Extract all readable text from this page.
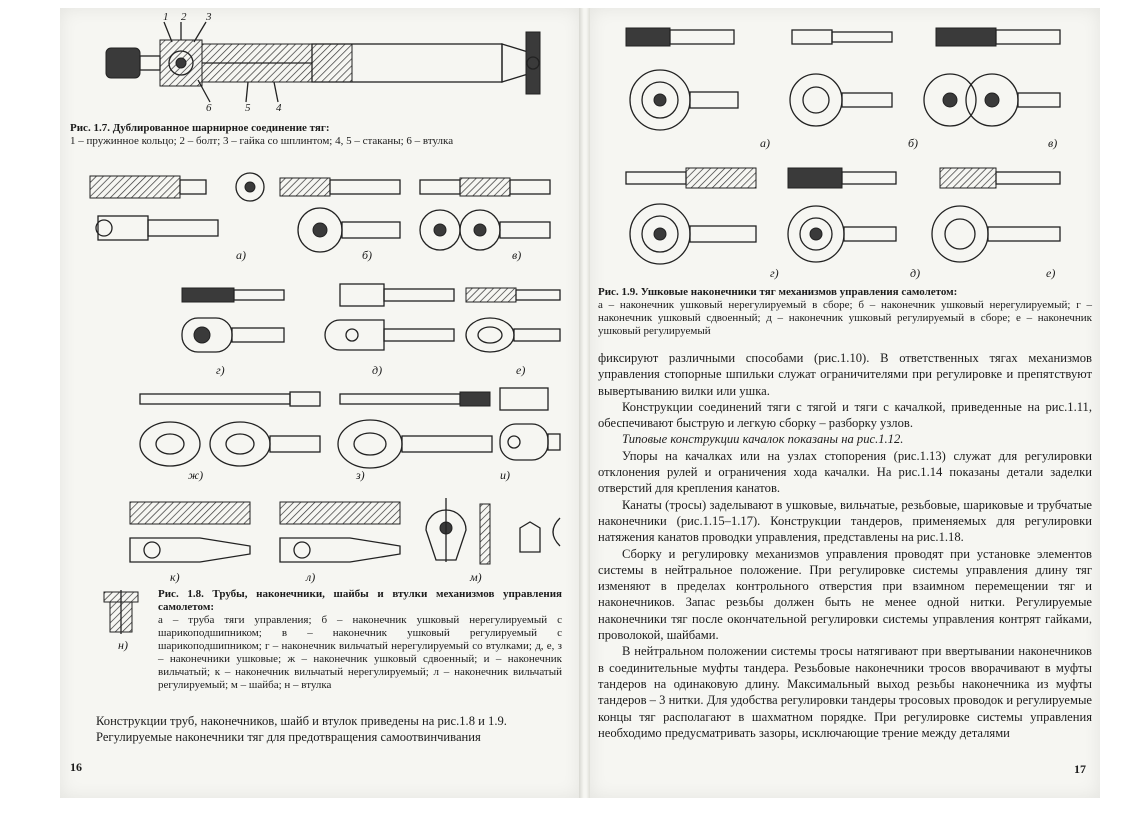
1 2 3
6	5 4
Рис. 1.7. Дублированное шарнирное соединение тяг:
1 – пружинное кольцо; 2 – болт; 3 – гайка со шплинтом; 4, 5 – стаканы; 6 – втулка
а)	б)	в)
г)	д)	е)
ж)	з)	и)
к)	л)	м)
н)
Рис. 1.8. Трубы, наконечники, шайбы и втулки механизмов управления самолетом:
а – труба тяги управления; б – наконечник ушковый нерегулируемый с шарикоподшипником; в – наконечник ушковый регулируемый с шарикоподшипником; г – наконечник вильчатый нерегулируемый со втулками; д, е, з – наконечники ушковые; ж – наконечник ушковый сдвоенный; и – наконечник вильчатый; к – наконечник вильчатый нерегулируемый; л – наконечник вильчатый регулируемый; м – шайба; н – втулка

Конструкции труб, наконечников, шайб и втулок приведены на рис.1.8 и 1.9.

Регулируемые наконечники тяг для предотвращения самоотвинчивания

16
а)	б)	в)
г)	д)	е)
Рис. 1.9. Ушковые наконечники тяг механизмов управления самолетом:
а – наконечник ушковый нерегулируемый в сборе; б – наконечник ушковый нерегулируемый; г – наконечник ушковый сдвоенный; д – наконечник ушковый регулируемый в сборе; е – наконечник ушковый регулируемый

фиксируют различными способами (рис.1.10). В ответственных тягах механизмов управления стопорные шпильки служат ограничителями при регулировке и препятствуют вывертыванию вилки или ушка.

Конструкции соединений тяги с тягой и тяги с качалкой, приведенные на рис.1.11, обеспечивают быструю и легкую сборку – разборку узлов.

Типовые конструкции качалок показаны на рис.1.12.

Упоры на качалках или на узлах стопорения (рис.1.13) служат для регулировки отклонения рулей и ограничения хода качалки. На рис.1.14 показаны детали заделки отверстий для крепления канатов.

Канаты (тросы) заделывают в ушковые, вильчатые, резьбовые, шариковые и трубчатые наконечники (рис.1.15–1.17). Конструкции тандеров, применяемых для регулировки натяжения канатов проводки управления, представлены на рис.1.18.

Сборку и регулировку механизмов управления проводят при установке элементов системы в нейтральное положение. При регулировке системы управления длину тяг изменяют в пределах контрольного отверстия при взаимном перемещении тяг и наконечников. Запас резьбы должен быть не менее одной нитки. Регулируемые наконечники тяг после окончательной регулировки системы управления контрят гайками, проволокой, шайбами.

В нейтральном положении системы тросы натягивают при ввертывании наконечников в соединительные муфты тандера. Резьбовые наконечники тросов вворачивают в муфты тандеров на одинаковую длину. Максимальный выход резьбы наконечника из муфты тандеров – 3 нитки. Для удобства регулировки тандеры тросовых проводок и регулируемые концы тяг располагают в шахматном порядке. При регулировке системы управления необходимо предусматривать зазоры, исключающие трение между деталями

17
